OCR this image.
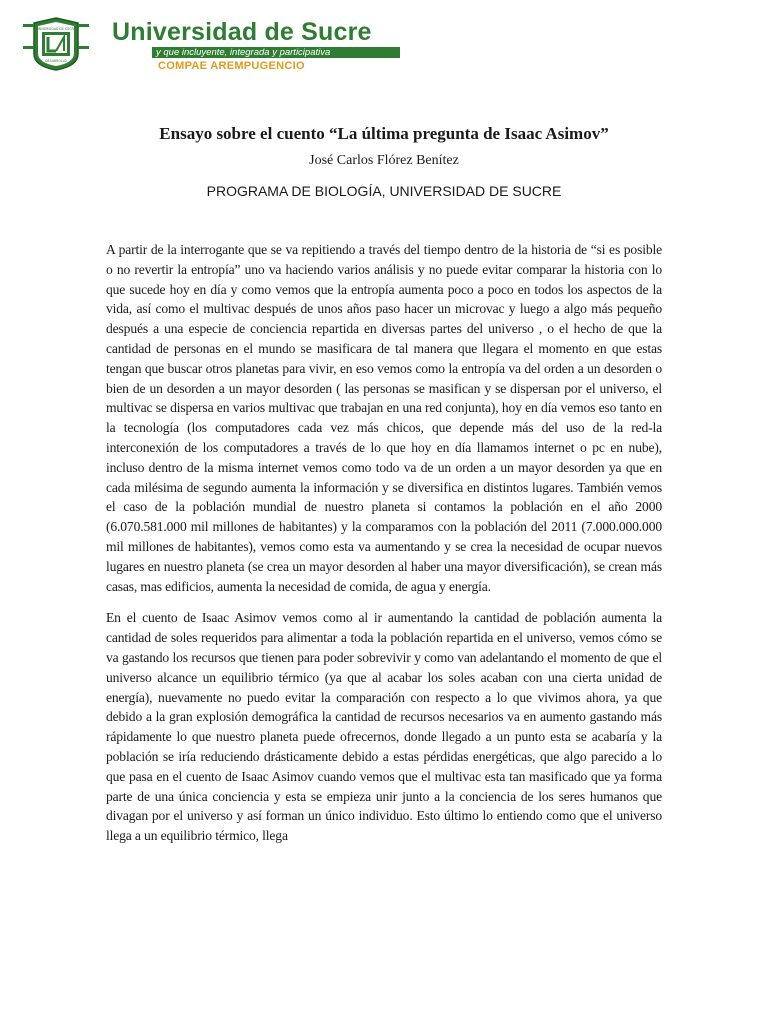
UNIVERSIDAD DE SUCRE
DESARROLLO
Universidad de Sucre
y que incluyente, integrada y participativa
COMPAE AREMPUGENCIO
Ensayo sobre el cuento “La última pregunta de Isaac Asimov”
José Carlos Flórez Benítez
PROGRAMA DE BIOLOGÍA, UNIVERSIDAD DE SUCRE

A partir de la interrogante que se va repitiendo a través del tiempo dentro de la historia de “si es posible o no revertir la entropía” uno va haciendo varios análisis y no puede evitar comparar la historia con lo que sucede hoy en día y como vemos que la entropía aumenta poco a poco en todos los aspectos de la vida, así como el multivac después de unos años paso hacer un microvac y luego a algo más pequeño después a una especie de conciencia repartida en diversas partes del universo , o el hecho de que la cantidad de personas en el mundo se masificara de tal manera que llegara el momento en que estas tengan que buscar otros planetas para vivir, en eso vemos como la entropía va del orden a un desorden o bien de un desorden a un mayor desorden ( las personas se masifican y se dispersan por el universo, el multivac se dispersa en varios multivac que trabajan en una red conjunta), hoy en día vemos eso tanto en la tecnología (los computadores cada vez más chicos, que depende más del uso de la red-la interconexión de los computadores a través de lo que hoy en día llamamos internet o pc en nube), incluso dentro de la misma internet vemos como todo va de un orden a un mayor desorden ya que en cada milésima de segundo aumenta la información y se diversifica en distintos lugares. También vemos el caso de la población mundial de nuestro planeta si contamos la población en el año 2000 (6.070.581.000 mil millones de habitantes) y la comparamos con la población del 2011 (7.000.000.000 mil millones de habitantes), vemos como esta va aumentando y se crea la necesidad de ocupar nuevos lugares en nuestro planeta (se crea un mayor desorden al haber una mayor diversificación), se crean más casas, mas edificios, aumenta la necesidad de comida, de agua y energía.

En el cuento de Isaac Asimov vemos como al ir aumentando la cantidad de población aumenta la cantidad de soles requeridos para alimentar a toda la población repartida en el universo, vemos cómo se va gastando los recursos que tienen para poder sobrevivir y como van adelantando el momento de que el universo alcance un equilibrio térmico (ya que al acabar los soles acaban con una cierta unidad de energía), nuevamente no puedo evitar la comparación con respecto a lo que vivimos ahora, ya que debido a la gran explosión demográfica la cantidad de recursos necesarios va en aumento gastando más rápidamente lo que nuestro planeta puede ofrecernos, donde llegado a un punto esta se acabaría y la población se iría reduciendo drásticamente debido a estas pérdidas energéticas, que algo parecido a lo que pasa en el cuento de Isaac Asimov cuando vemos que el multivac esta tan masificado que ya forma parte de una única conciencia y esta se empieza unir junto a la conciencia de los seres humanos que divagan por el universo y así forman un único individuo. Esto último lo entiendo como que el universo llega a un equilibrio térmico, llega
